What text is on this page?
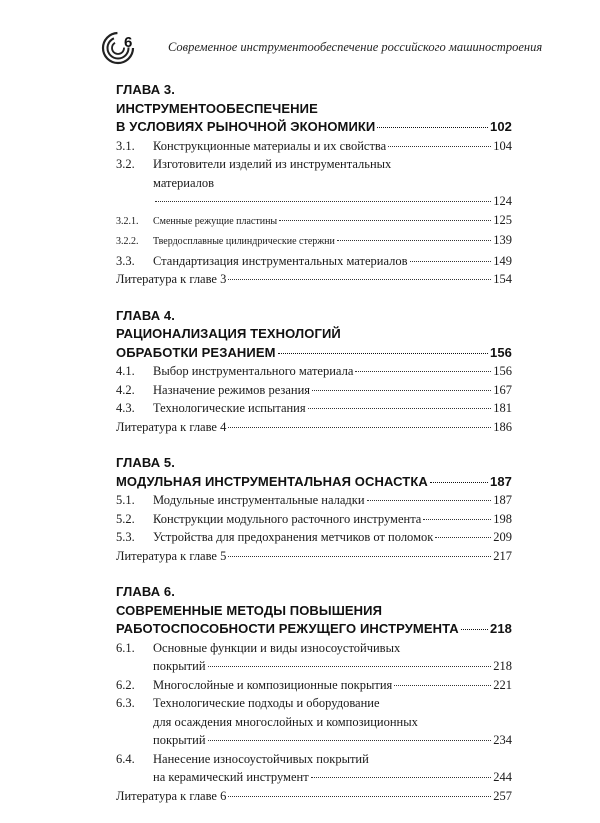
6	Современное инструментообеспечение российского машиностроения
ГЛАВА 3.
ИНСТРУМЕНТООБЕСПЕЧЕНИЕ
В УСЛОВИЯХ РЫНОЧНОЙ ЭКОНОМИКИ	102
3.1.	Конструкционные материалы и их свойства	104
3.2.	Изготовители изделий из инструментальных
материалов
124
3.2.1.	Сменные режущие пластины	125
3.2.2.	Твердосплавные цилиндрические стержни	139
3.3.	Стандартизация инструментальных материалов	149
Литература к главе 3	154
ГЛАВА 4.
РАЦИОНАЛИЗАЦИЯ ТЕХНОЛОГИЙ
ОБРАБОТКИ РЕЗАНИЕМ	156
4.1.	Выбор инструментального материала	156
4.2.	Назначение режимов резания	167
4.3.	Технологические испытания	181
Литература к главе 4	186
ГЛАВА 5.
МОДУЛЬНАЯ ИНСТРУМЕНТАЛЬНАЯ ОСНАСТКА	187
5.1.	Модульные инструментальные наладки	187
5.2.	Конструкции модульного расточного инструмента	198
5.3.	Устройства для предохранения метчиков от поломок	209
Литература к главе 5	217
ГЛАВА 6.
СОВРЕМЕННЫЕ МЕТОДЫ ПОВЫШЕНИЯ
РАБОТОСПОСОБНОСТИ РЕЖУЩЕГО ИНСТРУМЕНТА 218
6.1.	Основные функции и виды износоустойчивых
покрытий	218
6.2.	Многослойные и композиционные покрытия	221
6.3.	Технологические подходы и оборудование
для осаждения многослойных и композиционных
покрытий	234
6.4.	Нанесение износоустойчивых покрытий
на керамический инструмент	244
Литература к главе 6	257
